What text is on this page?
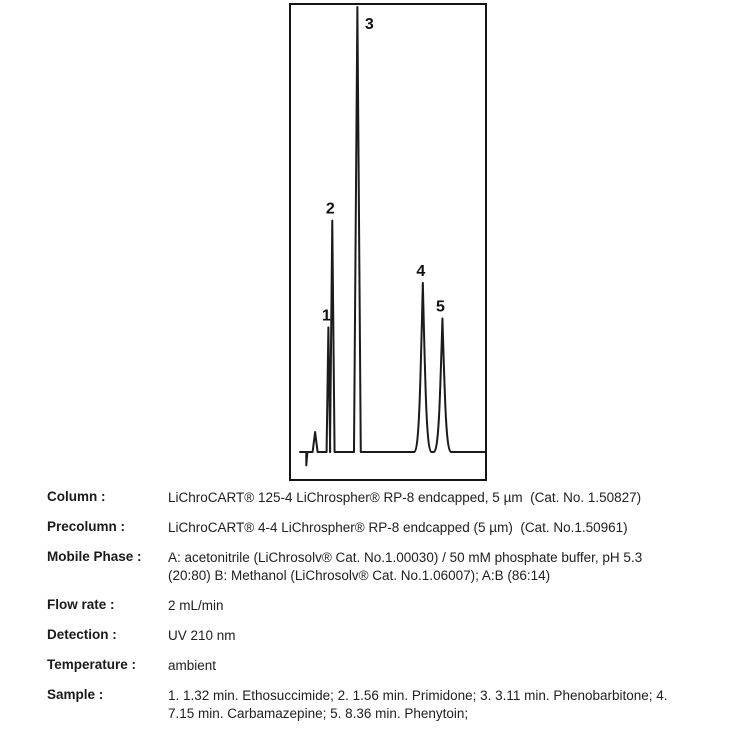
1
2
3
4
5
Column :	LiChroCART® 125-4 LiChrospher® RP-8 endcapped, 5 µm  (Cat. No. 1.50827)
Precolumn :	LiChroCART® 4-4 LiChrospher® RP-8 endcapped (5 µm)  (Cat. No.1.50961)
Mobile Phase :	A: acetonitrile (LiChrosolv® Cat. No.1.00030) / 50 mM phosphate buffer, pH 5.3
(20:80) B: Methanol (LiChrosolv® Cat. No.1.06007); A:B (86:14)
Flow rate :	2 mL/min
Detection :	UV 210 nm
Temperature :	ambient
Sample :	1. 1.32 min. Ethosuccimide; 2. 1.56 min. Primidone; 3. 3.11 min. Phenobarbitone; 4.
7.15 min. Carbamazepine; 5. 8.36 min. Phenytoin;
